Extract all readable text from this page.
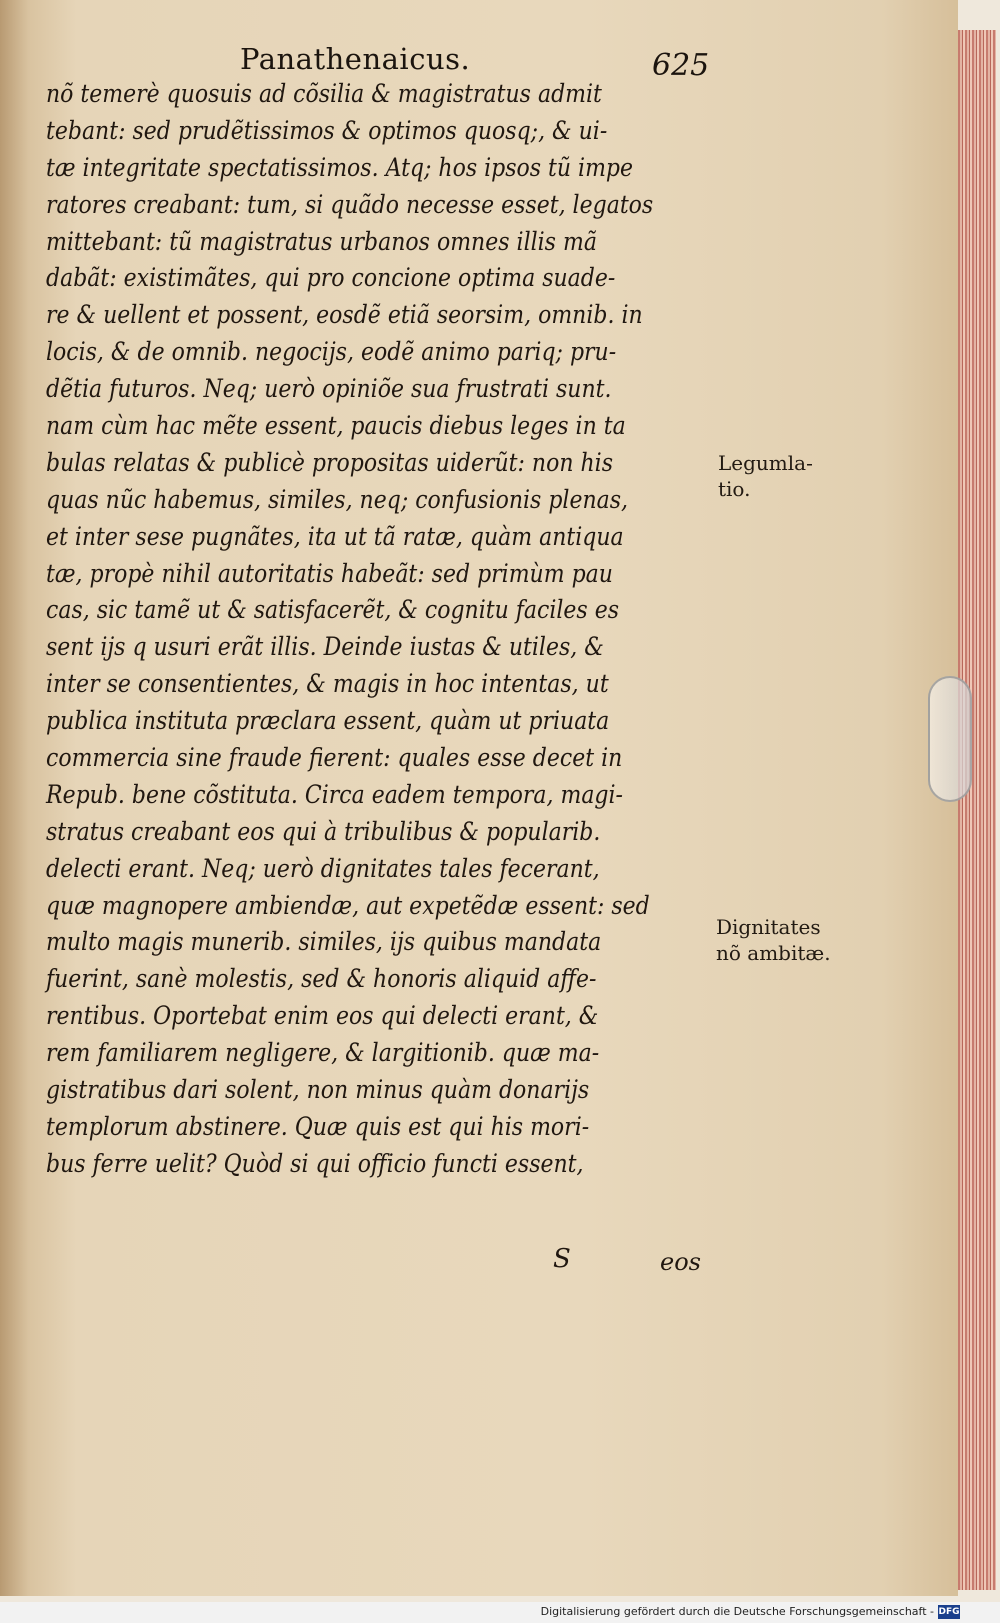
Panathenaicus.	625
nõ temerè quosuis ad cõsilia & magistratus admit
tebant: sed prudẽtissimos & optimos quosq;, & ui-
tæ integritate spectatissimos. Atq; hos ipsos tũ impe
ratores creabant: tum, si quãdo necesse esset, legatos
mittebant: tũ magistratus urbanos omnes illis mã
dabãt: existimãtes, qui pro concione optima suade-
re & uellent et possent, eosdẽ etiã seorsim, omnib. in
locis, & de omnib. negocijs, eodẽ animo pariq; pru-
dẽtia futuros. Neq; uerò opiniõe sua frustrati sunt.
nam cùm hac mẽte essent, paucis diebus leges in ta
bulas relatas & publicè propositas uiderũt: non his
quas nũc habemus, similes, neq; confusionis plenas,
et inter sese pugnãtes, ita ut tã ratæ, quàm antiqua
tæ, propè nihil autoritatis habeãt: sed primùm pau
cas, sic tamẽ ut & satisfacerẽt, & cognitu faciles es
sent ijs q usuri erãt illis. Deinde iustas & utiles, &
inter se consentientes, & magis in hoc intentas, ut
publica instituta præclara essent, quàm ut priuata
commercia sine fraude fierent: quales esse decet in
Repub. bene cõstituta. Circa eadem tempora, magi-
stratus creabant eos qui à tribulibus & popularib.
delecti erant. Neq; uerò dignitates tales fecerant,
quæ magnopere ambiendæ, aut expetẽdæ essent: sed
multo magis munerib. similes, ijs quibus mandata
fuerint, sanè molestis, sed & honoris aliquid affe-
rentibus. Oportebat enim eos qui delecti erant, &
rem familiarem negligere, & largitionib. quæ ma-
gistratibus dari solent, non minus quàm donarijs
templorum abstinere. Quæ quis est qui his mori-
bus ferre uelit? Quòd si qui officio functi essent,
S	eos
Legumla-
tio.
Dignitates
nõ ambitæ.
Digitalisierung gefördert durch die Deutsche Forschungsgemeinschaft - DFG
